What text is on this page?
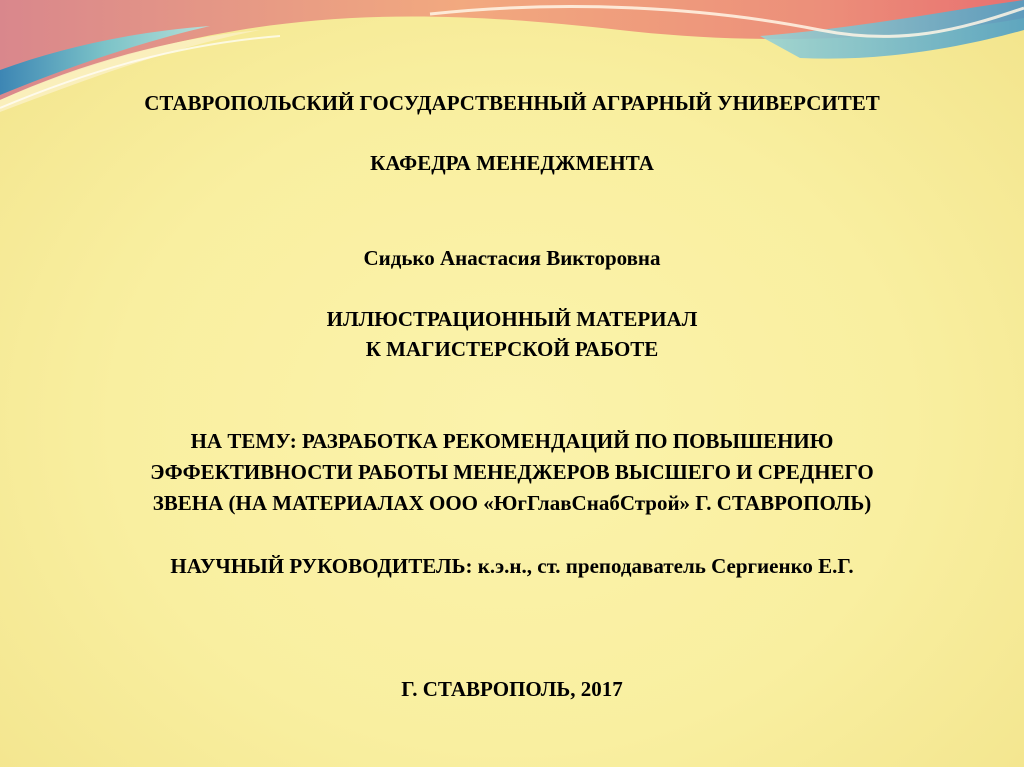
СТАВРОПОЛЬСКИЙ ГОСУДАРСТВЕННЫЙ АГРАРНЫЙ УНИВЕРСИТЕТ
КАФЕДРА МЕНЕДЖМЕНТА
Сидько Анастасия Викторовна
ИЛЛЮСТРАЦИОННЫЙ МАТЕРИАЛ
К МАГИСТЕРСКОЙ РАБОТЕ
НА ТЕМУ: РАЗРАБОТКА РЕКОМЕНДАЦИЙ ПО ПОВЫШЕНИЮ
ЭФФЕКТИВНОСТИ РАБОТЫ МЕНЕДЖЕРОВ ВЫСШЕГО И СРЕДНЕГО
ЗВЕНА (НА МАТЕРИАЛАХ ООО «ЮгГлавСнабСтрой» Г. СТАВРОПОЛЬ)
НАУЧНЫЙ РУКОВОДИТЕЛЬ: к.э.н., ст. преподаватель Сергиенко Е.Г.
Г. СТАВРОПОЛЬ, 2017
